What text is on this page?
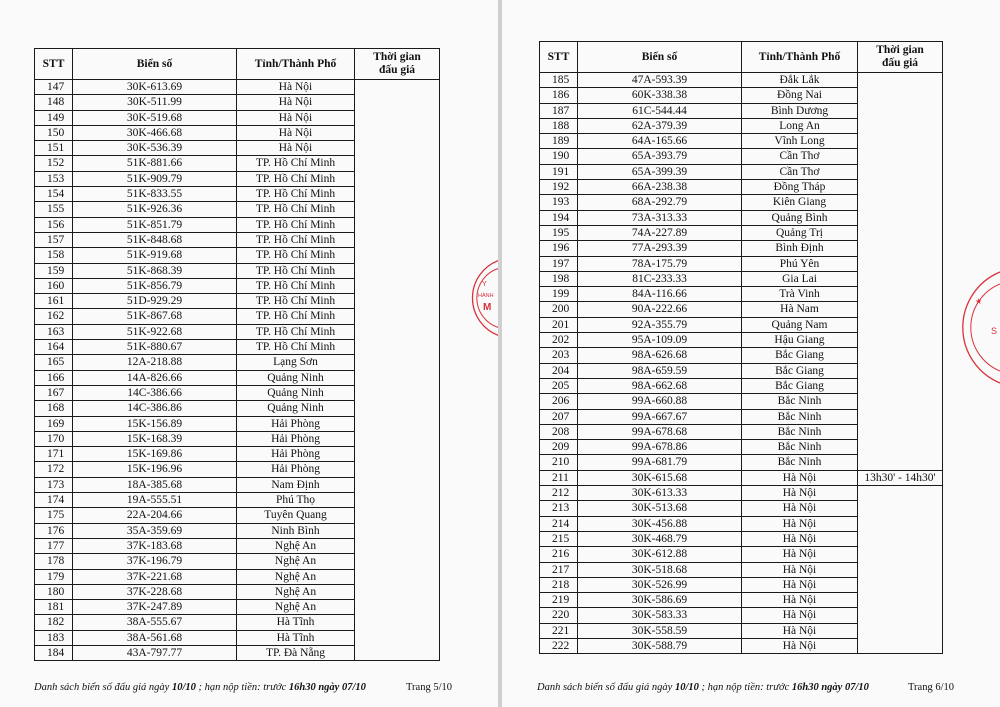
STT	Biển số	Tỉnh/Thành Phố	Thời gian
đấu giá
147	30K-613.69	Hà Nội	
148	30K-511.99	Hà Nội	
149	30K-519.68	Hà Nội	
150	30K-466.68	Hà Nội	
151	30K-536.39	Hà Nội	
152	51K-881.66	TP. Hồ Chí Minh	
153	51K-909.79	TP. Hồ Chí Minh	
154	51K-833.55	TP. Hồ Chí Minh	
155	51K-926.36	TP. Hồ Chí Minh	
156	51K-851.79	TP. Hồ Chí Minh	
157	51K-848.68	TP. Hồ Chí Minh	
158	51K-919.68	TP. Hồ Chí Minh	
159	51K-868.39	TP. Hồ Chí Minh	
160	51K-856.79	TP. Hồ Chí Minh	
161	51D-929.29	TP. Hồ Chí Minh	
162	51K-867.68	TP. Hồ Chí Minh	
163	51K-922.68	TP. Hồ Chí Minh	
164	51K-880.67	TP. Hồ Chí Minh	
165	12A-218.88	Lạng Sơn	
166	14A-826.66	Quảng Ninh	
167	14C-386.66	Quảng Ninh	
168	14C-386.86	Quảng Ninh	
169	15K-156.89	Hải Phòng	
170	15K-168.39	Hải Phòng	
171	15K-169.86	Hải Phòng	
172	15K-196.96	Hải Phòng	
173	18A-385.68	Nam Định	
174	19A-555.51	Phú Thọ	
175	22A-204.66	Tuyên Quang	
176	35A-359.69	Ninh Bình	
177	37K-183.68	Nghệ An	
178	37K-196.79	Nghệ An	
179	37K-221.68	Nghệ An	
180	37K-228.68	Nghệ An	
181	37K-247.89	Nghệ An	
182	38A-555.67	Hà Tĩnh	
183	38A-561.68	Hà Tĩnh	
184	43A-797.77	TP. Đà Nẵng	
Danh sách biển số đấu giá ngày 10/10 ; hạn nộp tiền: trước 16h30 ngày 07/10	Trang 5/10
Y
HÀNH
M
STT	Biển số	Tỉnh/Thành Phố	Thời gian
đấu giá
185	47A-593.39	Đắk Lắk	
186	60K-338.38	Đồng Nai	
187	61C-544.44	Bình Dương	
188	62A-379.39	Long An	
189	64A-165.66	Vĩnh Long	
190	65A-393.79	Cần Thơ	
191	65A-399.39	Cần Thơ	
192	66A-238.38	Đồng Tháp	
193	68A-292.79	Kiên Giang	
194	73A-313.33	Quảng Bình	
195	74A-227.89	Quảng Trị	
196	77A-293.39	Bình Định	
197	78A-175.79	Phú Yên	
198	81C-233.33	Gia Lai	
199	84A-116.66	Trà Vinh	
200	90A-222.66	Hà Nam	
201	92A-355.79	Quảng Nam	
202	95A-109.09	Hậu Giang	
203	98A-626.68	Bắc Giang	
204	98A-659.59	Bắc Giang	
205	98A-662.68	Bắc Giang	
206	99A-660.88	Bắc Ninh	
207	99A-667.67	Bắc Ninh	
208	99A-678.68	Bắc Ninh	
209	99A-678.86	Bắc Ninh	
210	99A-681.79	Bắc Ninh	
211	30K-615.68	Hà Nội	13h30' - 14h30'
212	30K-613.33	Hà Nội	
213	30K-513.68	Hà Nội	
214	30K-456.88	Hà Nội	
215	30K-468.79	Hà Nội	
216	30K-612.88	Hà Nội	
217	30K-518.68	Hà Nội	
218	30K-526.99	Hà Nội	
219	30K-586.69	Hà Nội	
220	30K-583.33	Hà Nội	
221	30K-558.59	Hà Nội	
222	30K-588.79	Hà Nội	
Danh sách biển số đấu giá ngày 10/10 ; hạn nộp tiền: trước 16h30 ngày 07/10	Trang 6/10
★
S
